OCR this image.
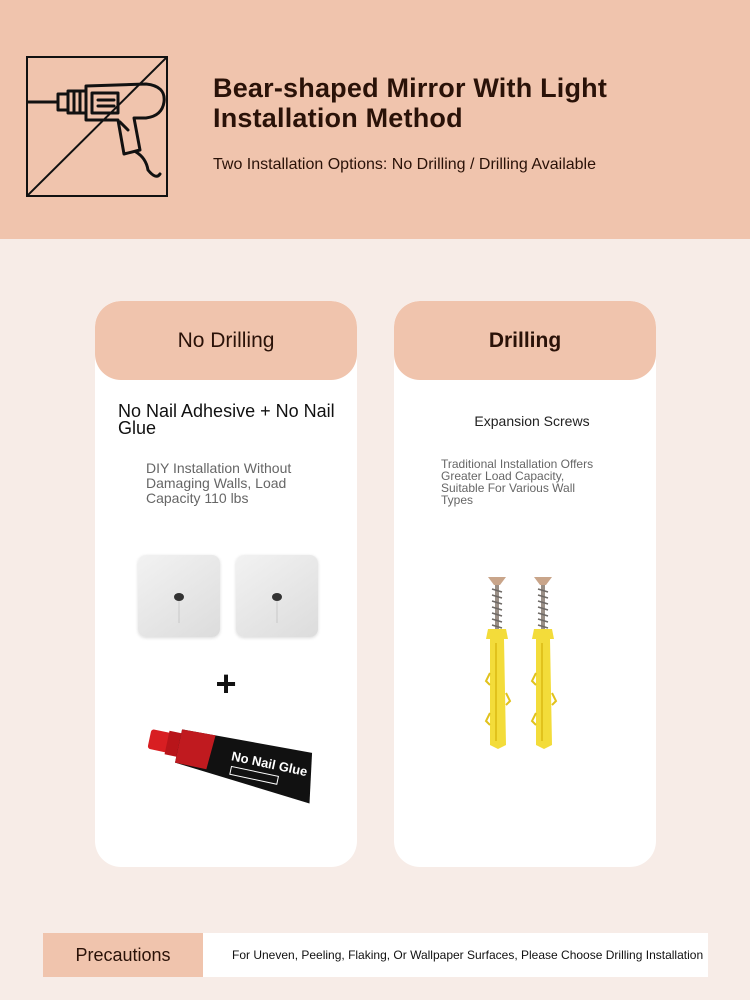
Bear-shaped Mirror With Light
Installation Method
Two Installation Options: No Drilling / Drilling Available
No Drilling
No Nail Adhesive + No Nail Glue
DIY Installation Without Damaging Walls, Load Capacity 110 lbs
+
No Nail Glue
Drilling
Expansion Screws
Traditional Installation Offers Greater Load Capacity, Suitable For Various Wall Types
Precautions	For Uneven, Peeling, Flaking, Or Wallpaper Surfaces, Please Choose Drilling Installation
